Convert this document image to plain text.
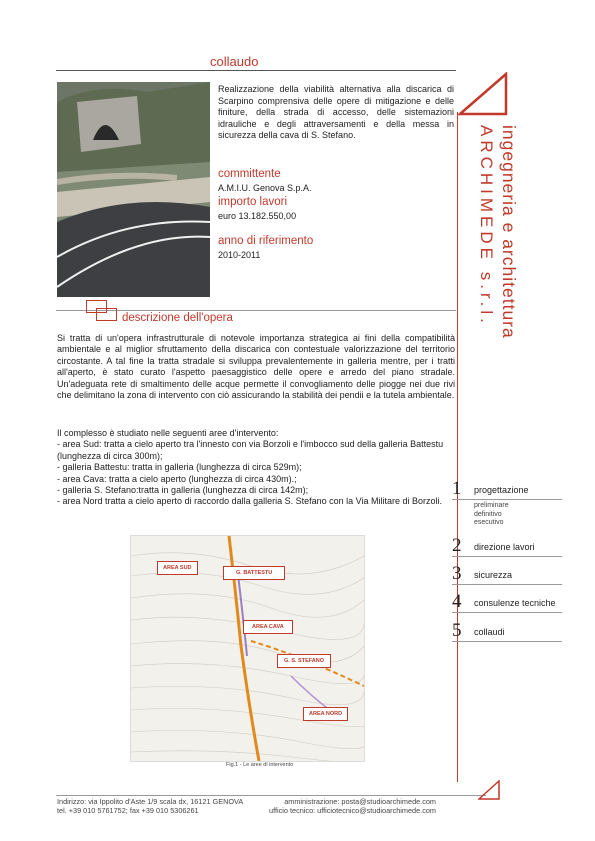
collaudo
Realizzazione della viabilità alternativa alla discarica di Scarpino comprensiva delle opere di mitigazione e delle finiture, della strada di accesso, delle sistemazioni idrauliche e degli attraversamenti e della messa in sicurezza della cava di S. Stefano.
committente
A.M.I.U. Genova S.p.A.
importo lavori
euro 13.182.550,00
anno di riferimento
2010-2011
descrizione dell'opera
Si tratta di un'opera infrastrutturale di notevole importanza strategica ai fini della compatibilità ambientale e al miglior sfruttamento della discarica con contestuale valorizzazione del territorio circostante. A tal fine la tratta stradale si sviluppa prevalentemente in galleria mentre, per i tratti all'aperto, è stato curato l'aspetto paesaggistico delle opere e arredo del piano stradale. Un'adeguata rete di smaltimento delle acque permette il convogliamento delle piogge nei due rivi che delimitano la zona di intervento con ciò assicurando la stabilità dei pendii e la tutela ambientale.
Il complesso è studiato nelle seguenti aree d'intervento:
- area Sud: tratta a cielo aperto tra l'innesto con via Borzoli e l'imbocco sud della galleria Battestu (lunghezza di circa 300m);
- galleria Battestu: tratta in galleria (lunghezza di circa 529m);
- area Cava: tratta a cielo aperto (lunghezza di circa 430m).;
- galleria S. Stefano:tratta in galleria (lunghezza di circa 142m);
- area Nord tratta a cielo aperto di raccordo dalla galleria S. Stefano con la Via Militare di Borzoli.
AREA SUD
G. BATTESTU
AREA CAVA
G. S. STEFANO
AREA NORD
Fig.1 - Le aree di intervento
ARCHIMEDE s.r.l. ingegneria e architettura
1 progettazione
preliminare
definitivo
esecutivo
2 direzione lavori
3 sicurezza
4 consulenze tecniche
5 collaudi
Indirizzo: via Ippolito d'Aste 1/9 scala dx, 16121 GENOVA
tel. +39 010 5761752; fax +39 010 5306261
amministrazione: posta@studioarchimede.com
ufficio tecnico: ufficiotecnico@studioarchimede.com
